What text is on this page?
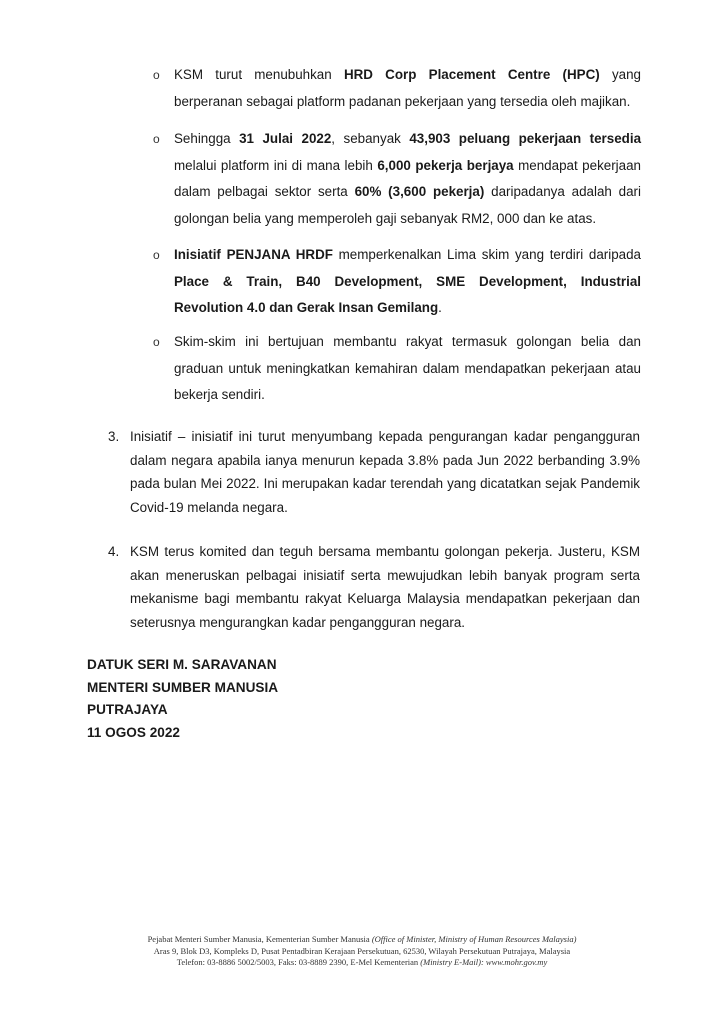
o KSM turut menubuhkan HRD Corp Placement Centre (HPC) yang berperanan sebagai platform padanan pekerjaan yang tersedia oleh majikan.
o Sehingga 31 Julai 2022, sebanyak 43,903 peluang pekerjaan tersedia melalui platform ini di mana lebih 6,000 pekerja berjaya mendapat pekerjaan dalam pelbagai sektor serta 60% (3,600 pekerja) daripadanya adalah dari golongan belia yang memperoleh gaji sebanyak RM2, 000 dan ke atas.
o Inisiatif PENJANA HRDF memperkenalkan Lima skim yang terdiri daripada Place & Train, B40 Development, SME Development, Industrial Revolution 4.0 dan Gerak Insan Gemilang.
o Skim-skim ini bertujuan membantu rakyat termasuk golongan belia dan graduan untuk meningkatkan kemahiran dalam mendapatkan pekerjaan atau bekerja sendiri.
3. Inisiatif – inisiatif ini turut menyumbang kepada pengurangan kadar pengangguran dalam negara apabila ianya menurun kepada 3.8% pada Jun 2022 berbanding 3.9% pada bulan Mei 2022. Ini merupakan kadar terendah yang dicatatkan sejak Pandemik Covid-19 melanda negara.
4. KSM terus komited dan teguh bersama membantu golongan pekerja. Justeru, KSM akan meneruskan pelbagai inisiatif serta mewujudkan lebih banyak program serta mekanisme bagi membantu rakyat Keluarga Malaysia mendapatkan pekerjaan dan seterusnya mengurangkan kadar pengangguran negara.
DATUK SERI M. SARAVANAN
MENTERI SUMBER MANUSIA
PUTRAJAYA
11 OGOS 2022
Pejabat Menteri Sumber Manusia, Kementerian Sumber Manusia (Office of Minister, Ministry of Human Resources Malaysia)
Aras 9, Blok D3, Kompleks D, Pusat Pentadbiran Kerajaan Persekutuan, 62530, Wilayah Persekutuan Putrajaya, Malaysia
Telefon: 03-8886 5002/5003, Faks: 03-8889 2390, E-Mel Kementerian (Ministry E-Mail): www.mohr.gov.my
